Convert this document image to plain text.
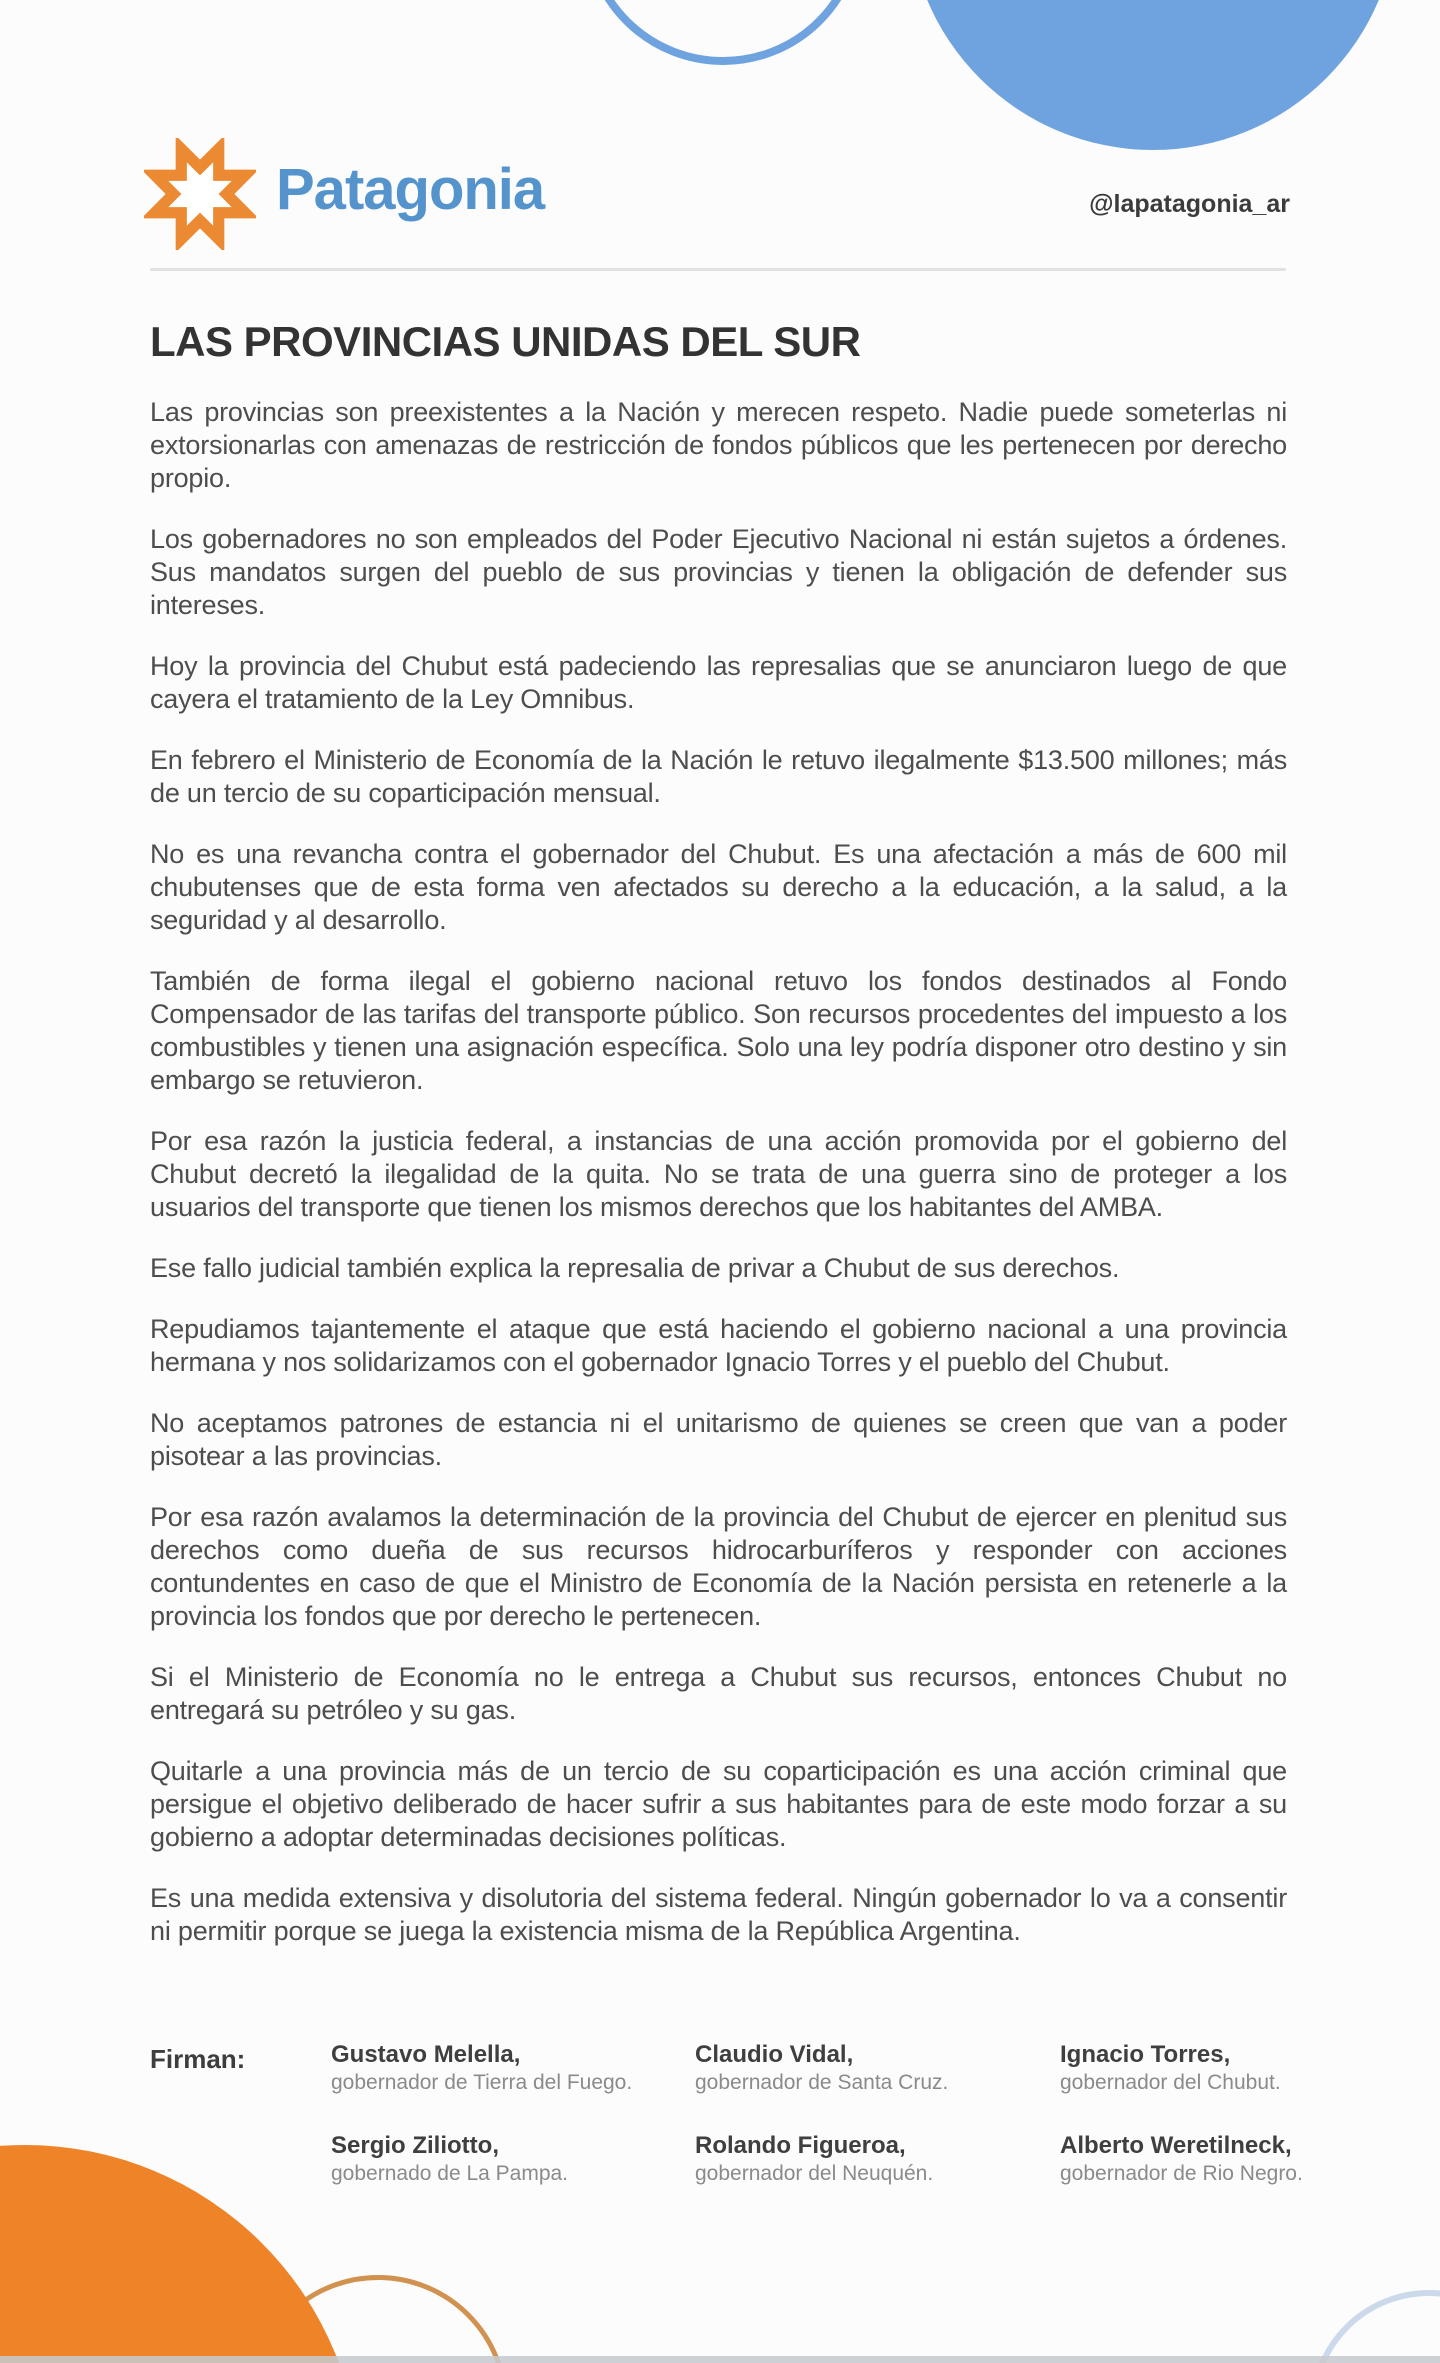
Patagonia	@lapatagonia_ar
LAS PROVINCIAS UNIDAS DEL SUR

Las provincias son preexistentes a la Nación y merecen respeto. Nadie puede someterlas ni extorsionarlas con amenazas de restricción de fondos públicos que les pertenecen por derecho propio.

Los gobernadores no son empleados del Poder Ejecutivo Nacional ni están sujetos a órdenes. Sus mandatos surgen del pueblo de sus provincias y tienen la obligación de defender sus intereses.

Hoy la provincia del Chubut está padeciendo las represalias que se anunciaron luego de que cayera el tratamiento de la Ley Omnibus.

En febrero el Ministerio de Economía de la Nación le retuvo ilegalmente $13.500 millones; más de un tercio de su coparticipación mensual.

No es una revancha contra el gobernador del Chubut. Es una afectación a más de 600 mil chubutenses que de esta forma ven afectados su derecho a la educación, a la salud, a la seguridad y al desarrollo.

También de forma ilegal el gobierno nacional retuvo los fondos destinados al Fondo Compensador de las tarifas del transporte público. Son recursos procedentes del impuesto a los combustibles y tienen una asignación específica. Solo una ley podría disponer otro destino y sin embargo se retuvieron.

Por esa razón la justicia federal, a instancias de una acción promovida por el gobierno del Chubut decretó la ilegalidad de la quita. No se trata de una guerra sino de proteger a los usuarios del transporte que tienen los mismos derechos que los habitantes del AMBA.

Ese fallo judicial también explica la represalia de privar a Chubut de sus derechos.

Repudiamos tajantemente el ataque que está haciendo el gobierno nacional a una provincia hermana y nos solidarizamos con el gobernador Ignacio Torres y el pueblo del Chubut.

No aceptamos patrones de estancia ni el unitarismo de quienes se creen que van a poder pisotear a las provincias.

Por esa razón avalamos la determinación de la provincia del Chubut de ejercer en plenitud sus derechos como dueña de sus recursos hidrocarburíferos y responder con acciones contundentes en caso de que el Ministro de Economía de la Nación persista en retenerle a la provincia los fondos que por derecho le pertenecen.

Si el Ministerio de Economía no le entrega a Chubut sus recursos, entonces Chubut no entregará su petróleo y su gas.

Quitarle a una provincia más de un tercio de su coparticipación es una acción criminal que persigue el objetivo deliberado de hacer sufrir a sus habitantes para de este modo forzar a su gobierno a adoptar determinadas decisiones políticas.

Es una medida extensiva y disolutoria del sistema federal. Ningún gobernador lo va a consentir ni permitir porque se juega la existencia misma de la República Argentina.

Firman:	Gustavo Melella,
gobernador de Tierra del Fuego.
Claudio Vidal,
gobernador de Santa Cruz.
Ignacio Torres,
gobernador del Chubut.
Sergio Ziliotto,
gobernado de La Pampa.
Rolando Figueroa,
gobernador del Neuquén.
Alberto Weretilneck,
gobernador de Rio Negro.
